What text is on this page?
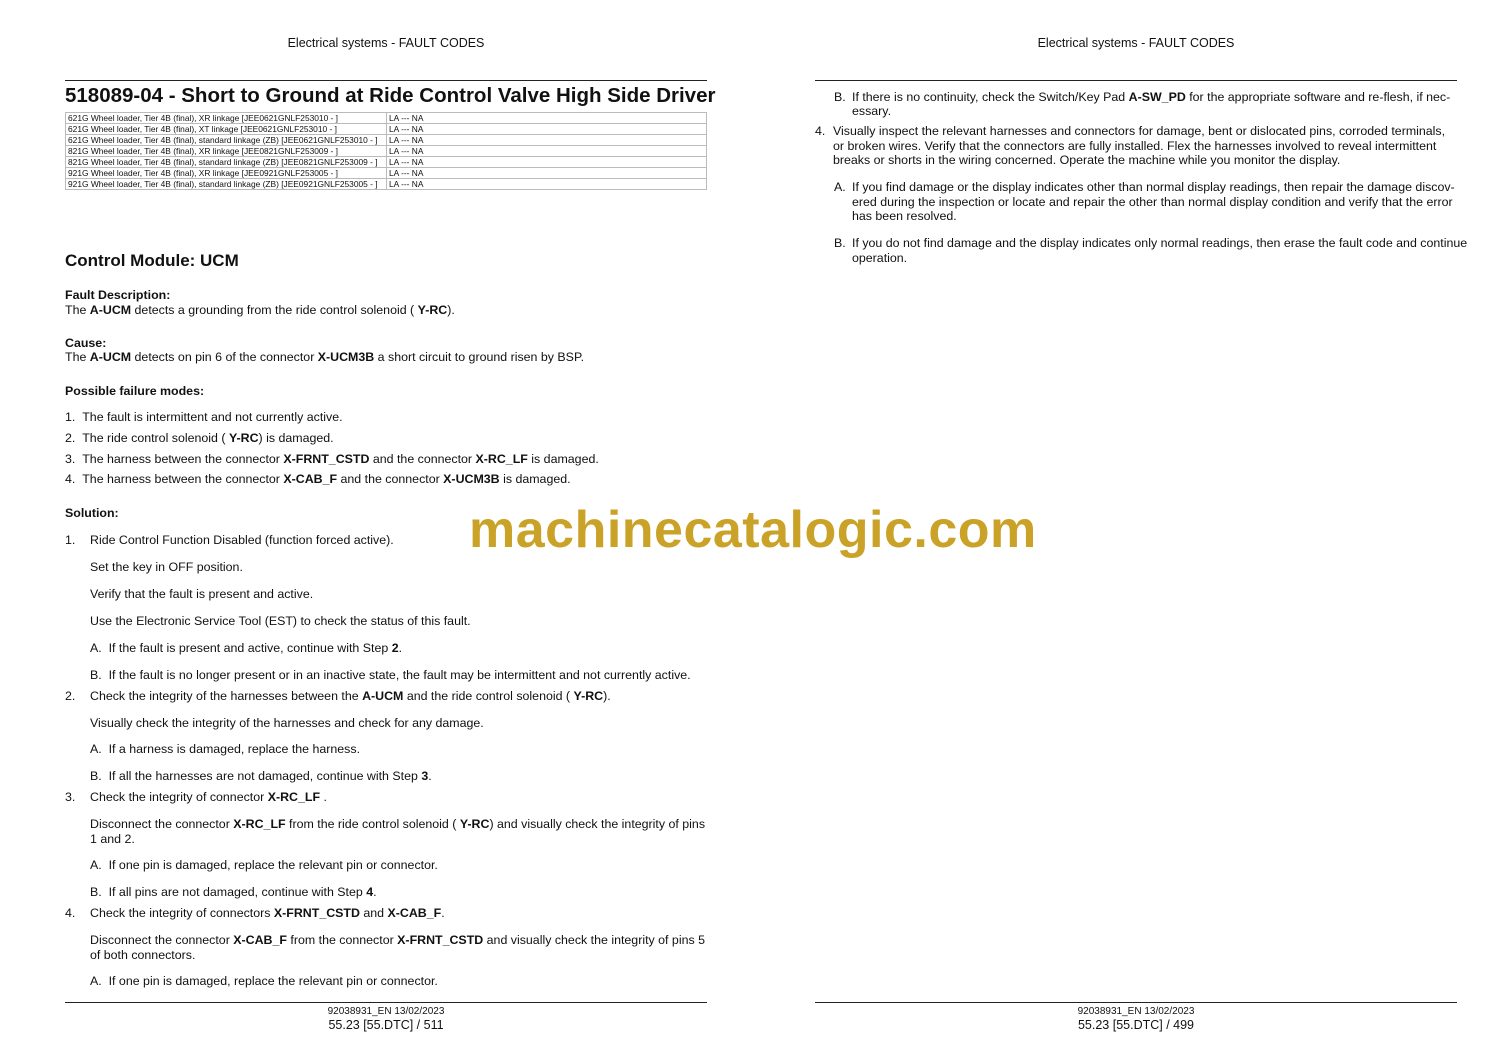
Electrical systems - FAULT CODES
518089-04 - Short to Ground at Ride Control Valve High Side Driver
621G Wheel loader, Tier 4B (final), XR linkage [JEE0621GNLF253010 - ]	LA --- NA
621G Wheel loader, Tier 4B (final), XT linkage [JEE0621GNLF253010 - ]	LA --- NA
621G Wheel loader, Tier 4B (final), standard linkage (ZB) [JEE0621GNLF253010 - ]	LA --- NA
821G Wheel loader, Tier 4B (final), XR linkage [JEE0821GNLF253009 - ]	LA --- NA
821G Wheel loader, Tier 4B (final), standard linkage (ZB) [JEE0821GNLF253009 - ]	LA --- NA
921G Wheel loader, Tier 4B (final), XR linkage [JEE0921GNLF253005 - ]	LA --- NA
921G Wheel loader, Tier 4B (final), standard linkage (ZB) [JEE0921GNLF253005 - ]	LA --- NA
Control Module: UCM
Fault Description:
The A-UCM detects a grounding from the ride control solenoid ( Y-RC).
Cause:
The A-UCM detects on pin 6 of the connector X-UCM3B a short circuit to ground risen by BSP.
Possible failure modes:
1. The fault is intermittent and not currently active.
2. The ride control solenoid ( Y-RC) is damaged.
3. The harness between the connector X-FRNT_CSTD and the connector X-RC_LF is damaged.
4. The harness between the connector X-CAB_F and the connector X-UCM3B is damaged.
Solution:
1. Ride Control Function Disabled (function forced active).
Set the key in OFF position.
Verify that the fault is present and active.
Use the Electronic Service Tool (EST) to check the status of this fault.
A. If the fault is present and active, continue with Step 2.
B. If the fault is no longer present or in an inactive state, the fault may be intermittent and not currently active.
2. Check the integrity of the harnesses between the A-UCM and the ride control solenoid ( Y-RC).
Visually check the integrity of the harnesses and check for any damage.
A. If a harness is damaged, replace the harness.
B. If all the harnesses are not damaged, continue with Step 3.
3. Check the integrity of connector X-RC_LF .
Disconnect the connector X-RC_LF from the ride control solenoid ( Y-RC) and visually check the integrity of pins 1 and 2.
A. If one pin is damaged, replace the relevant pin or connector.
B. If all pins are not damaged, continue with Step 4.
4. Check the integrity of connectors X-FRNT_CSTD and X-CAB_F.
Disconnect the connector X-CAB_F from the connector X-FRNT_CSTD and visually check the integrity of pins 5 of both connectors.
A. If one pin is damaged, replace the relevant pin or connector.
92038931_EN 13/02/2023
55.23 [55.DTC] / 511
Electrical systems - FAULT CODES
B. If there is no continuity, check the Switch/Key Pad A-SW_PD for the appropriate software and re-flesh, if nec-
essary.
4. Visually inspect the relevant harnesses and connectors for damage, bent or dislocated pins, corroded terminals,
or broken wires. Verify that the connectors are fully installed. Flex the harnesses involved to reveal intermittent
breaks or shorts in the wiring concerned. Operate the machine while you monitor the display.
A. If you find damage or the display indicates other than normal display readings, then repair the damage discov-
ered during the inspection or locate and repair the other than normal display condition and verify that the error
has been resolved.
B. If you do not find damage and the display indicates only normal readings, then erase the fault code and continue
operation.
92038931_EN 13/02/2023
55.23 [55.DTC] / 499
machinecatalogic.com
